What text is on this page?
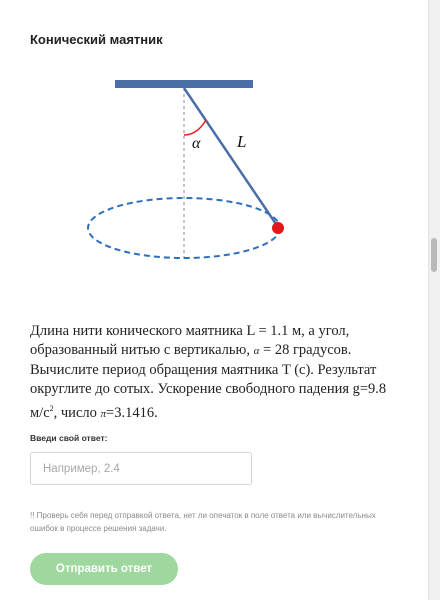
Конический маятник
α L

Длина нити конического маятника L = 1.1 м, а угол, образованный нитью с вертикалью, α = 28 градусов. Вычислите период обращения маятника T (c). Результат округлите до сотых. Ускорение свободного падения g=9.8 $м/с^2$, число π=3.1416.

Введи свой ответ:
Например, 2.4

!! Проверь себя перед отправкой ответа, нет ли опечаток в поле ответа или вычислительных ошибок в процессе решения задачи.

Отправить ответ
